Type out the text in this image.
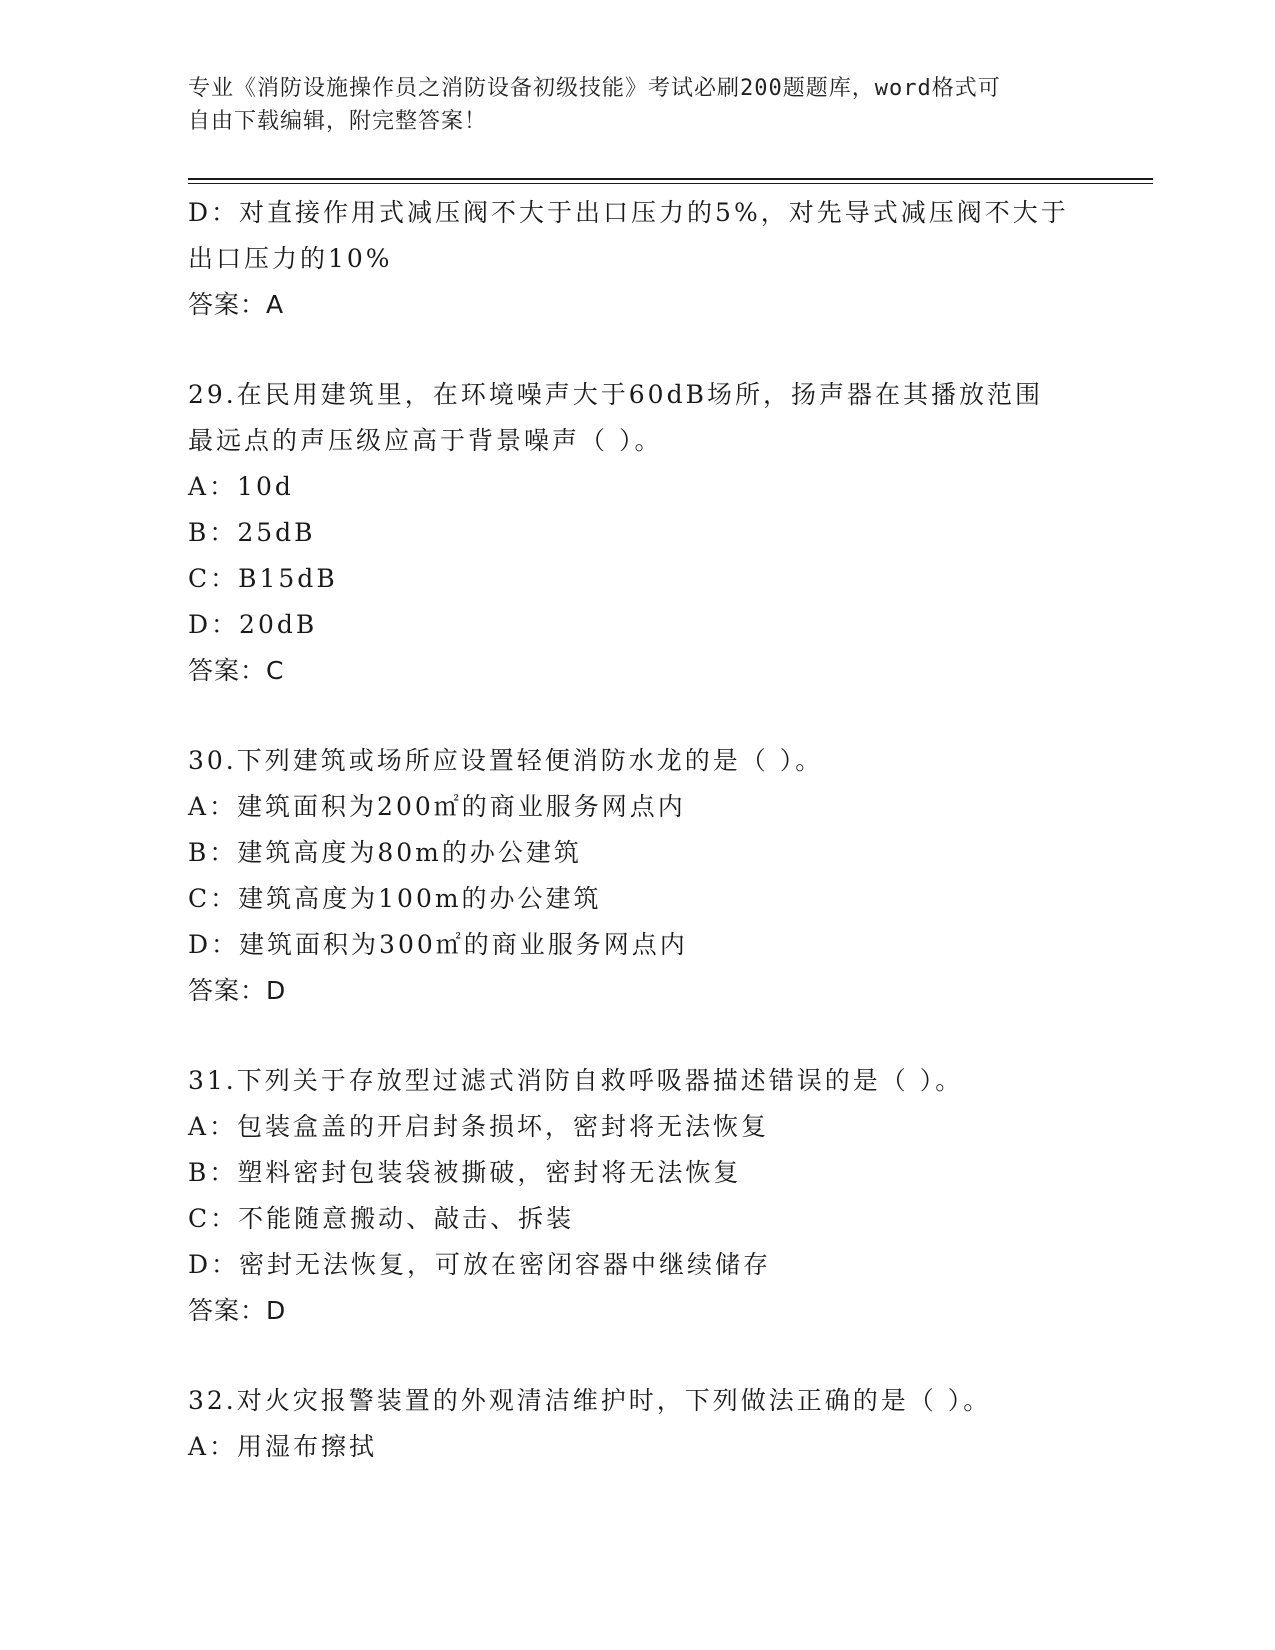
专业《消防设施操作员之消防设备初级技能》考试必刷200题题库，word格式可
自由下载编辑，附完整答案！
D：对直接作用式减压阀不大于出口压力的5%，对先导式减压阀不大于
出口压力的10%
答案：A
29.在民用建筑里，在环境噪声大于60dB场所，扬声器在其播放范围
最远点的声压级应高于背景噪声（ ）。
A：10d
B：25dB
C：B15dB
D：20dB
答案：C
30.下列建筑或场所应设置轻便消防水龙的是（ ）。
A：建筑面积为200㎡的商业服务网点内
B：建筑高度为80m的办公建筑
C：建筑高度为100m的办公建筑
D：建筑面积为300㎡的商业服务网点内
答案：D
31.下列关于存放型过滤式消防自救呼吸器描述错误的是（ ）。
A：包装盒盖的开启封条损坏，密封将无法恢复
B：塑料密封包装袋被撕破，密封将无法恢复
C：不能随意搬动、敲击、拆装
D：密封无法恢复，可放在密闭容器中继续储存
答案：D
32.对火灾报警装置的外观清洁维护时，下列做法正确的是（ ）。
A：用湿布擦拭
